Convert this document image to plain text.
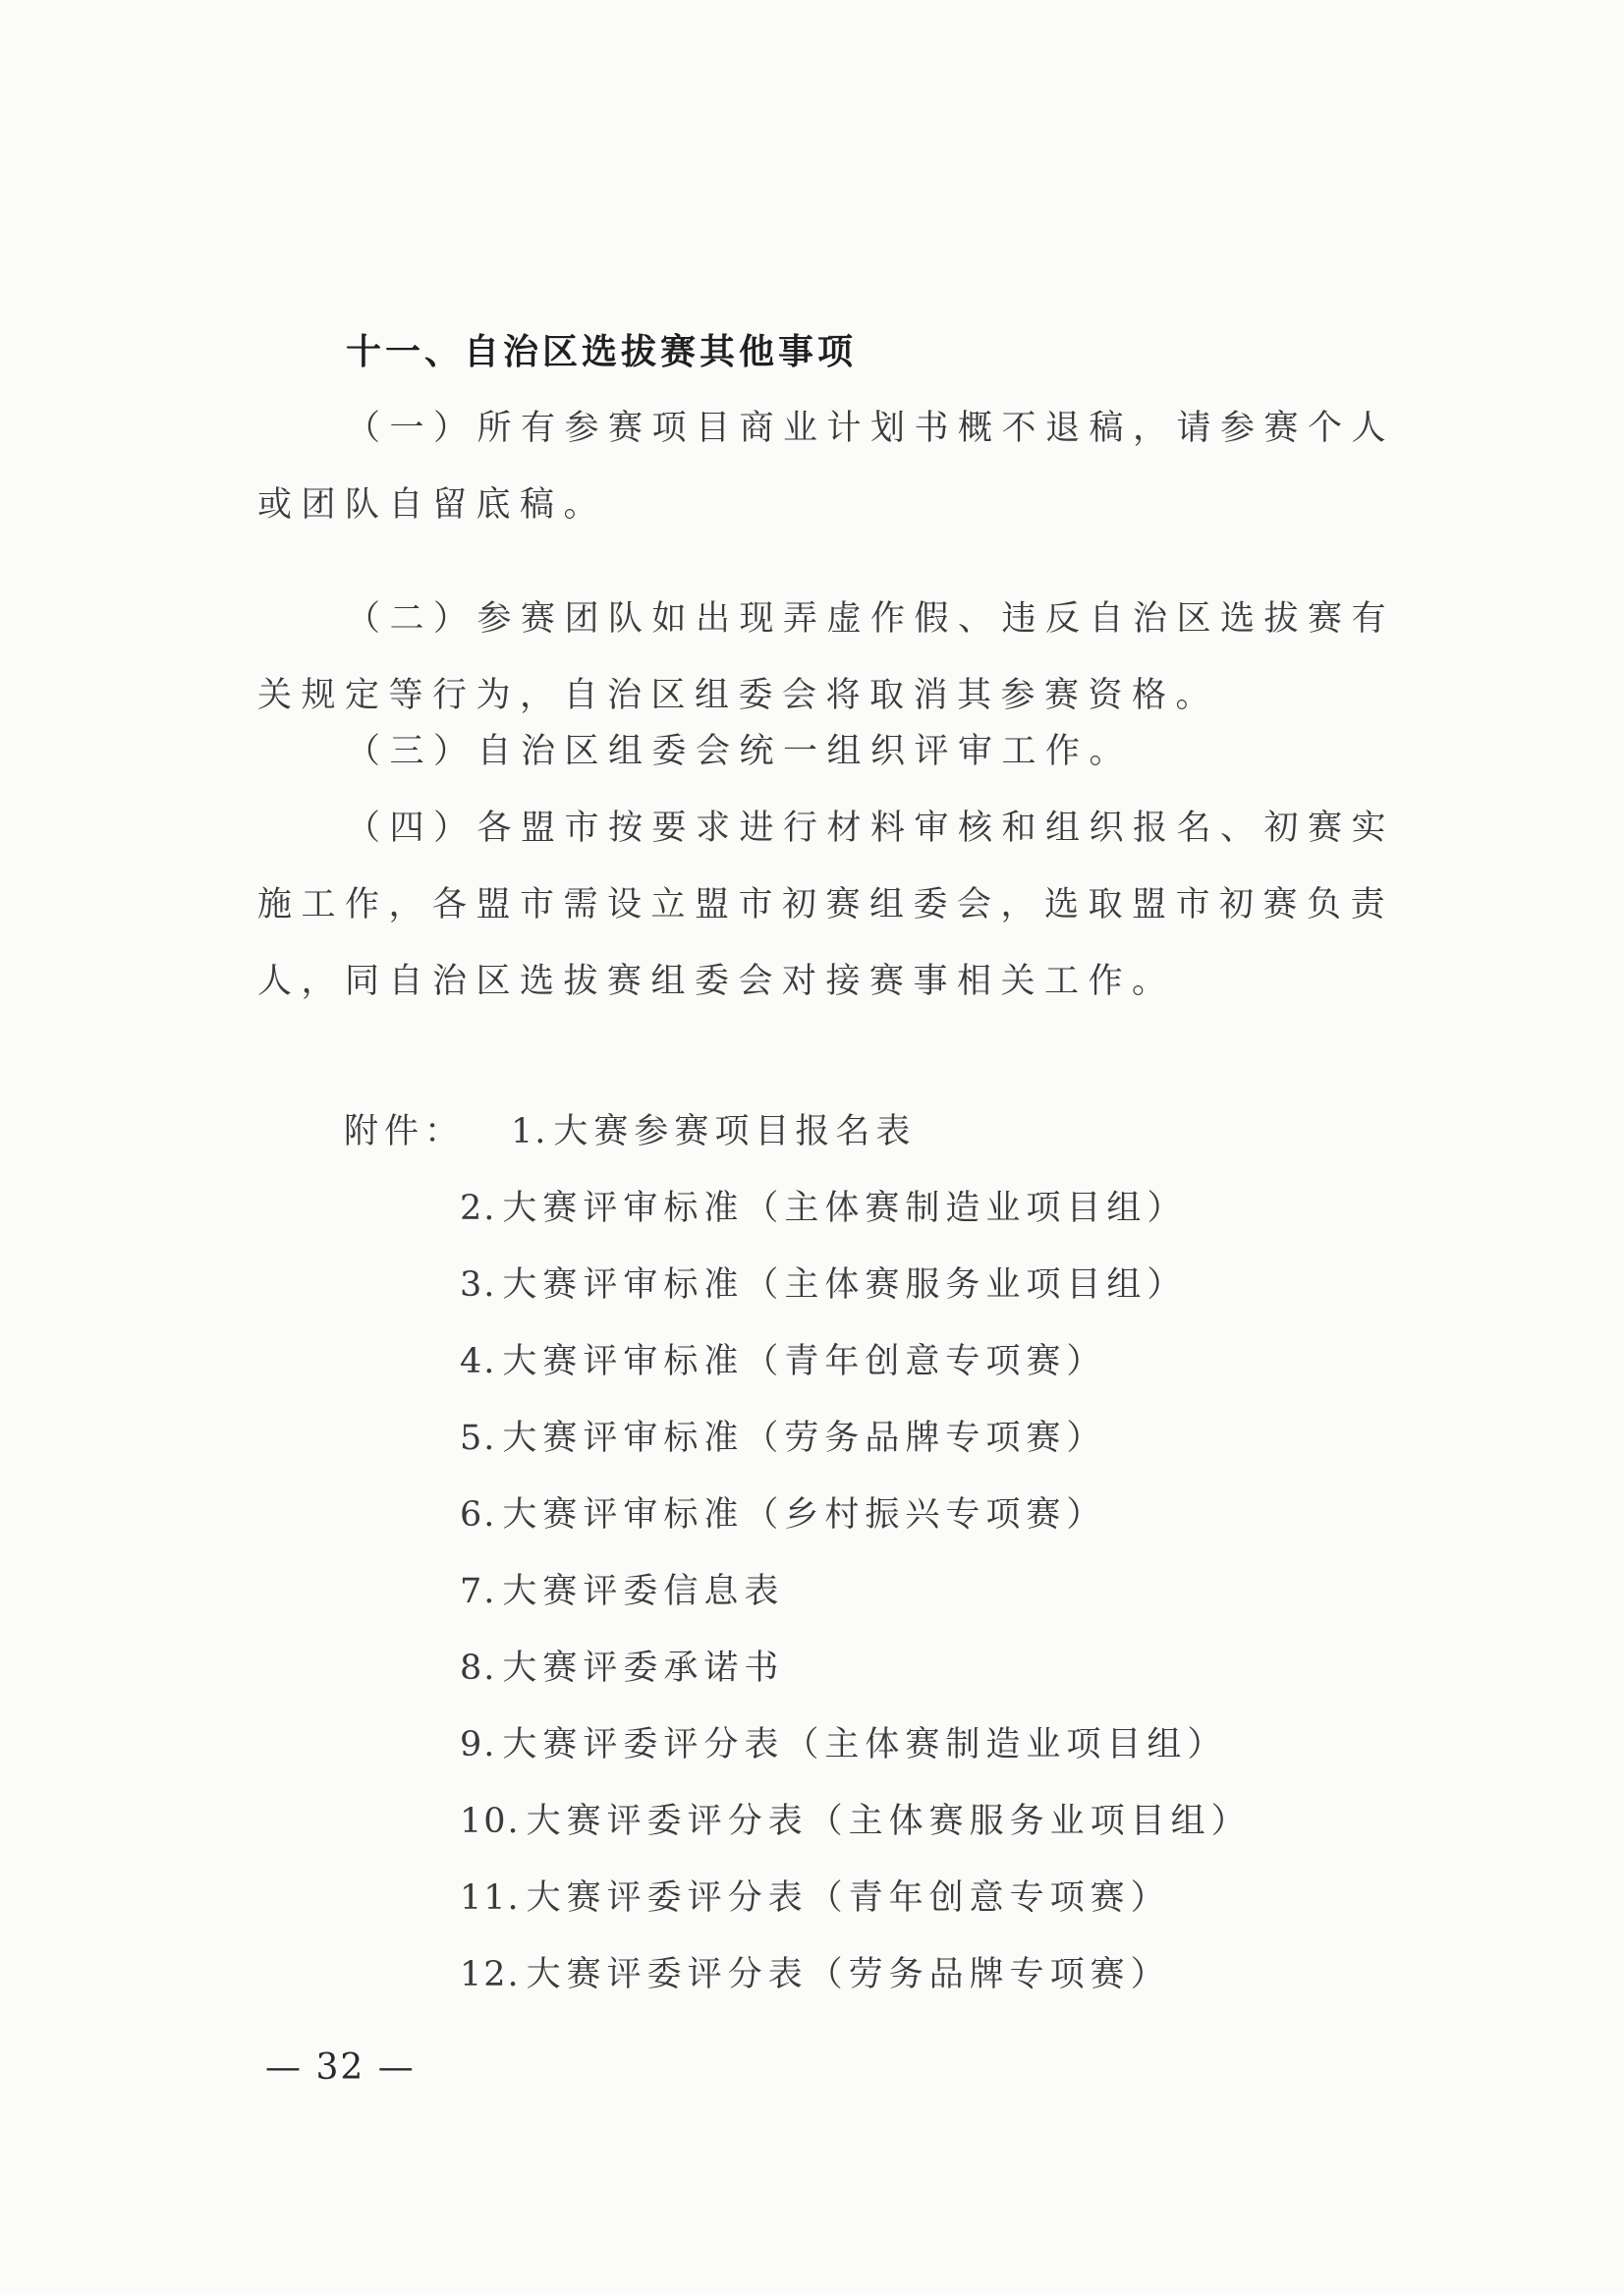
十一、自治区选拔赛其他事项
（一）所有参赛项目商业计划书概不退稿，请参赛个人或团队自留底稿。
（二）参赛团队如出现弄虚作假、违反自治区选拔赛有关规定等行为，自治区组委会将取消其参赛资格。
（三）自治区组委会统一组织评审工作。
（四）各盟市按要求进行材料审核和组织报名、初赛实施工作，各盟市需设立盟市初赛组委会，选取盟市初赛负责人，同自治区选拔赛组委会对接赛事相关工作。
附件： 1. 大赛参赛项目报名表
2. 大赛评审标准（主体赛制造业项目组）
3. 大赛评审标准（主体赛服务业项目组）
4. 大赛评审标准（青年创意专项赛）
5. 大赛评审标准（劳务品牌专项赛）
6. 大赛评审标准（乡村振兴专项赛）
7. 大赛评委信息表
8. 大赛评委承诺书
9. 大赛评委评分表（主体赛制造业项目组）
10. 大赛评委评分表（主体赛服务业项目组）
11. 大赛评委评分表（青年创意专项赛）
12. 大赛评委评分表（劳务品牌专项赛）
— 32 —
